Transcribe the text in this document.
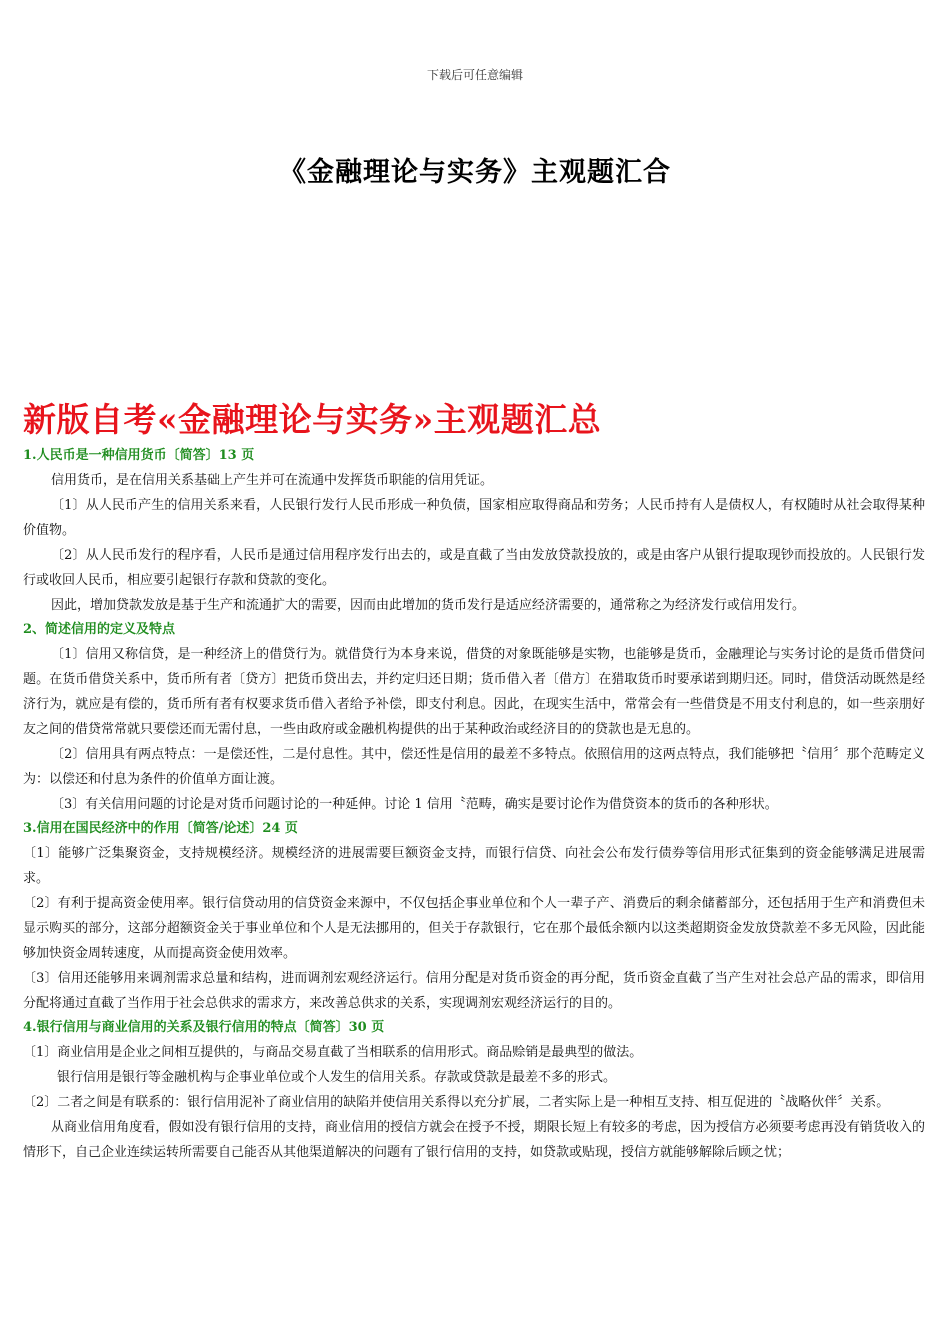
下载后可任意编辑
《金融理论与实务》主观题汇合
新版自考«金融理论与实务»主观题汇总
1.人民币是一种信用货币〔简答〕13 页
信用货币，是在信用关系基础上产生并可在流通中发挥货币职能的信用凭证。
〔1〕从人民币产生的信用关系来看，人民银行发行人民币形成一种负债，国家相应取得商品和劳务；人民币持有人是债权人，有权随时从社会取得某种价值物。
〔2〕从人民币发行的程序看，人民币是通过信用程序发行出去的，或是直截了当由发放贷款投放的，或是由客户从银行提取现钞而投放的。人民银行发行或收回人民币，相应要引起银行存款和贷款的变化。
因此，增加贷款发放是基于生产和流通扩大的需要，因而由此增加的货币发行是适应经济需要的，通常称之为经济发行或信用发行。
2、简述信用的定义及特点
〔1〕信用又称信贷，是一种经济上的借贷行为。就借贷行为本身来说，借贷的对象既能够是实物，也能够是货币，金融理论与实务讨论的是货币借贷问题。在货币借贷关系中，货币所有者〔贷方〕把货币贷出去，并约定归还日期；货币借入者〔借方〕在猎取货币时要承诺到期归还。同时，借贷活动既然是经济行为，就应是有偿的，货币所有者有权要求货币借入者给予补偿，即支付利息。因此，在现实生活中，常常会有一些借贷是不用支付利息的，如一些亲朋好友之间的借贷常常就只要偿还而无需付息，一些由政府或金融机构提供的出于某种政治或经济目的的贷款也是无息的。
〔2〕信用具有两点特点：一是偿还性，二是付息性。其中，偿还性是信用的最差不多特点。依照信用的这两点特点，我们能够把〝信用〞那个范畴定义为：以偿还和付息为条件的价值单方面让渡。
〔3〕有关信用问题的讨论是对货币问题讨论的一种延伸。讨论 1 信用〝范畴，确实是要讨论作为借贷资本的货币的各种形状。
3.信用在国民经济中的作用〔简答/论述〕24 页
〔1〕能够广泛集聚资金，支持规模经济。规模经济的进展需要巨额资金支持，而银行信贷、向社会公布发行债券等信用形式征集到的资金能够满足进展需求。
〔2〕有利于提高资金使用率。银行信贷动用的信贷资金来源中，不仅包括企事业单位和个人一辈子产、消费后的剩余储蓄部分，还包括用于生产和消费但未显示购买的部分，这部分超额资金关于事业单位和个人是无法挪用的，但关于存款银行，它在那个最低余额内以这类超期资金发放贷款差不多无风险，因此能够加快资金周转速度，从而提高资金使用效率。
〔3〕信用还能够用来调剂需求总量和结构，进而调剂宏观经济运行。信用分配是对货币资金的再分配，货币资金直截了当产生对社会总产品的需求，即信用分配将通过直截了当作用于社会总供求的需求方，来改善总供求的关系，实现调剂宏观经济运行的目的。
4.银行信用与商业信用的关系及银行信用的特点〔简答〕30 页
〔1〕商业信用是企业之间相互提供的，与商品交易直截了当相联系的信用形式。商品赊销是最典型的做法。
银行信用是银行等金融机构与企事业单位或个人发生的信用关系。存款或贷款是最差不多的形式。
〔2〕二者之间是有联系的：银行信用泥补了商业信用的缺陷并使信用关系得以充分扩展，二者实际上是一种相互支持、相互促进的〝战略伙伴〞关系。
从商业信用角度看，假如没有银行信用的支持，商业信用的授信方就会在授予不授，期限长短上有较多的考虑，因为授信方必须要考虑再没有销货收入的情形下，自己企业连续运转所需要自己能否从其他渠道解决的问题有了银行信用的支持，如贷款或贴现，授信方就能够解除后顾之忧；
